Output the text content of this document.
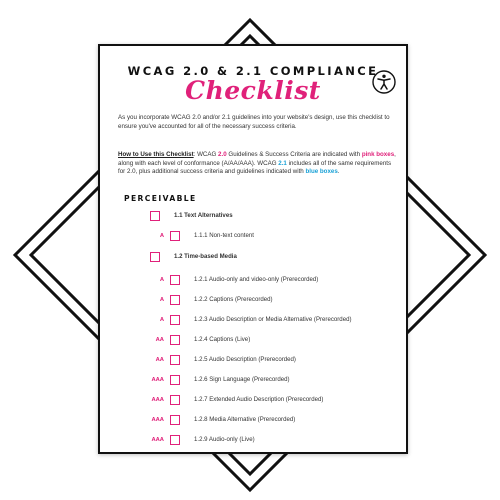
WCAG 2.0 & 2.1 COMPLIANCE
Checklist

As you incorporate WCAG 2.0 and/or 2.1 guidelines into your website's design, use this checklist to ensure you've accounted for all of the necessary success criteria.

How to Use this Checklist: WCAG 2.0 Guidelines & Success Criteria are indicated with pink boxes, along with each level of conformance (A/AA/AAA). WCAG 2.1 includes all of the same requirements for 2.0, plus additional success criteria and guidelines indicated with blue boxes.

PERCEIVABLE
1.1 Text Alternatives
A	1.1.1 Non-text content
1.2 Time-based Media
A	1.2.1 Audio-only and video-only (Prerecorded)
A	1.2.2 Captions (Prerecorded)
A	1.2.3 Audio Description or Media Alternative (Prerecorded)
AA	1.2.4 Captions (Live)
AA	1.2.5 Audio Description (Prerecorded)
AAA	1.2.6 Sign Language (Prerecorded)
AAA	1.2.7 Extended Audio Description (Prerecorded)
AAA	1.2.8 Media Alternative (Prerecorded)
AAA	1.2.9 Audio-only (Live)
